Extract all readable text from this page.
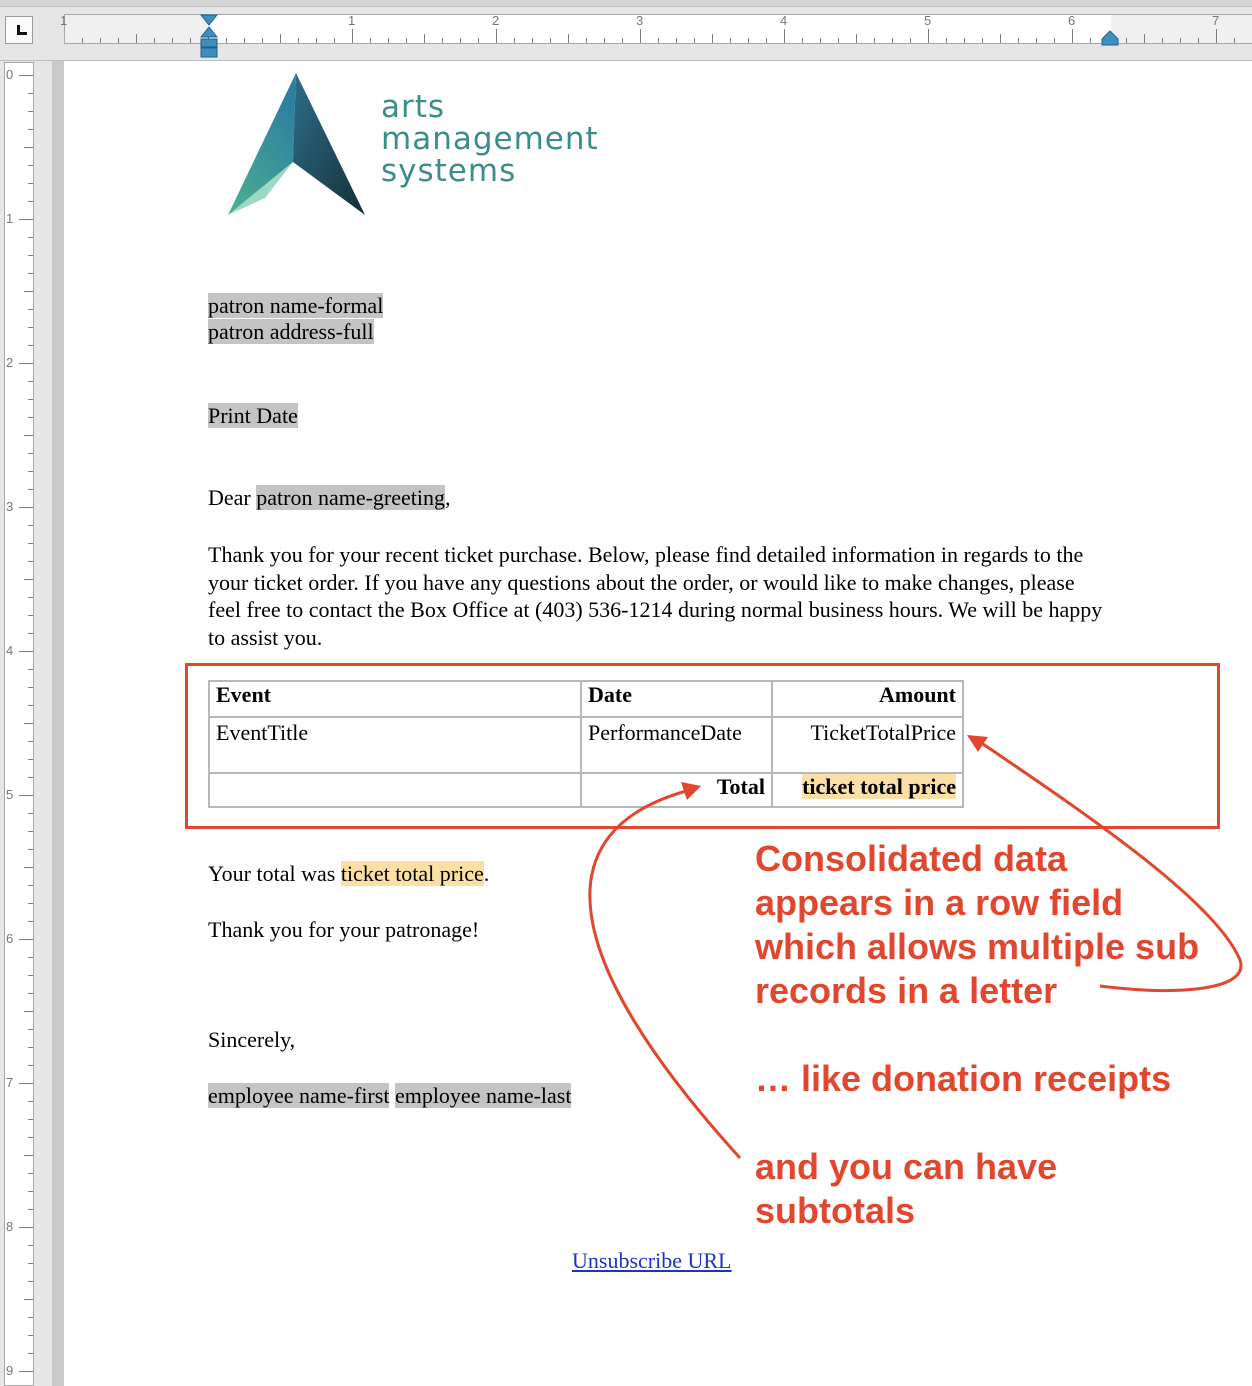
1	1	2	3	4	5	6	7
0
1
2
3
4
5
6
7
8
9
arts
management
systems
patron name-formal
patron address-full
Print Date
Dear patron name-greeting,
Thank you for your recent ticket purchase. Below, please find detailed information in regards to the your ticket order. If you have any questions about the order, or would like to make changes, please feel free to contact the Box Office at (403) 536-1214 during normal business hours. We will be happy to assist you.
Event	Date	Amount
EventTitle	PerformanceDate	TicketTotalPrice
	Total	ticket total price
Your total was ticket total price.
Thank you for your patronage!
Sincerely,
employee name-first employee name-last
Unsubscribe URL
Consolidated data
appears in a row field
which allows multiple sub
records in a letter
… like donation receipts
and you can have
subtotals
